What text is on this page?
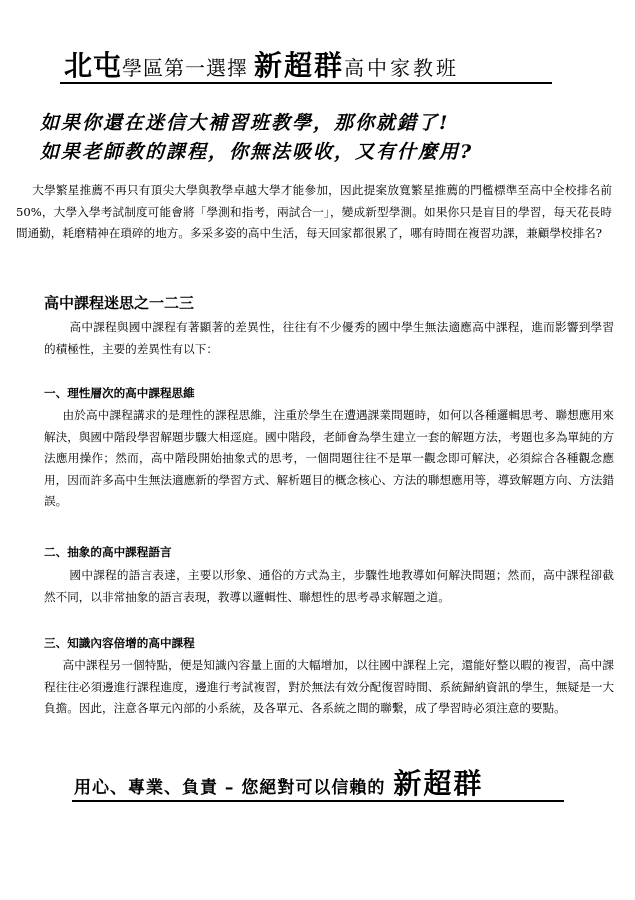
北屯學區第一選擇 新超群高中家教班
如果你還在迷信大補習班教學，那你就錯了!
如果老師教的課程，你無法吸收，又有什麼用?
大學繁星推薦不再只有頂尖大學與教學卓越大學才能參加，因此提案放寬繁星推薦的門檻標準至高中全校排名前 50%，大學入學考試制度可能會將「學測和指考，兩試合一」，變成新型學測。如果你只是盲目的學習，每天花長時間通勤，耗磨精神在瑣碎的地方。多采多姿的高中生活，每天回家都很累了，哪有時間在複習功課，兼顧學校排名?
高中課程迷思之一二三
高中課程與國中課程有著顯著的差異性，往往有不少優秀的國中學生無法適應高中課程，進而影響到學習的積極性，主要的差異性有以下：
一、理性層次的高中課程思維
由於高中課程講求的是理性的課程思維，注重於學生在遭遇課業問題時，如何以各種邏輯思考、聯想應用來解決，與國中階段學習解題步驟大相逕庭。國中階段，老師會為學生建立一套的解題方法，考題也多為單純的方法應用操作；然而，高中階段開始抽象式的思考，一個問題往往不是單一觀念即可解決，必須綜合各種觀念應用，因而許多高中生無法適應新的學習方式、解析題目的概念核心、方法的聯想應用等，導致解題方向、方法錯誤。
二、抽象的高中課程語言
國中課程的語言表達，主要以形象、通俗的方式為主，步驟性地教導如何解決問題；然而，高中課程卻截然不同，以非常抽象的語言表現，教導以邏輯性、聯想性的思考尋求解題之道。
三、知識內容倍增的高中課程
高中課程另一個特點，便是知識內容量上面的大幅增加，以往國中課程上完，還能好整以暇的複習，高中課程往往必須邊進行課程進度，邊進行考試複習，對於無法有效分配復習時間、系統歸納資訊的學生，無疑是一大負擔。因此，注意各單元內部的小系統，及各單元、各系統之間的聯繫，成了學習時必須注意的要點。
用心、專業、負責 – 您絕對可以信賴的 新超群
